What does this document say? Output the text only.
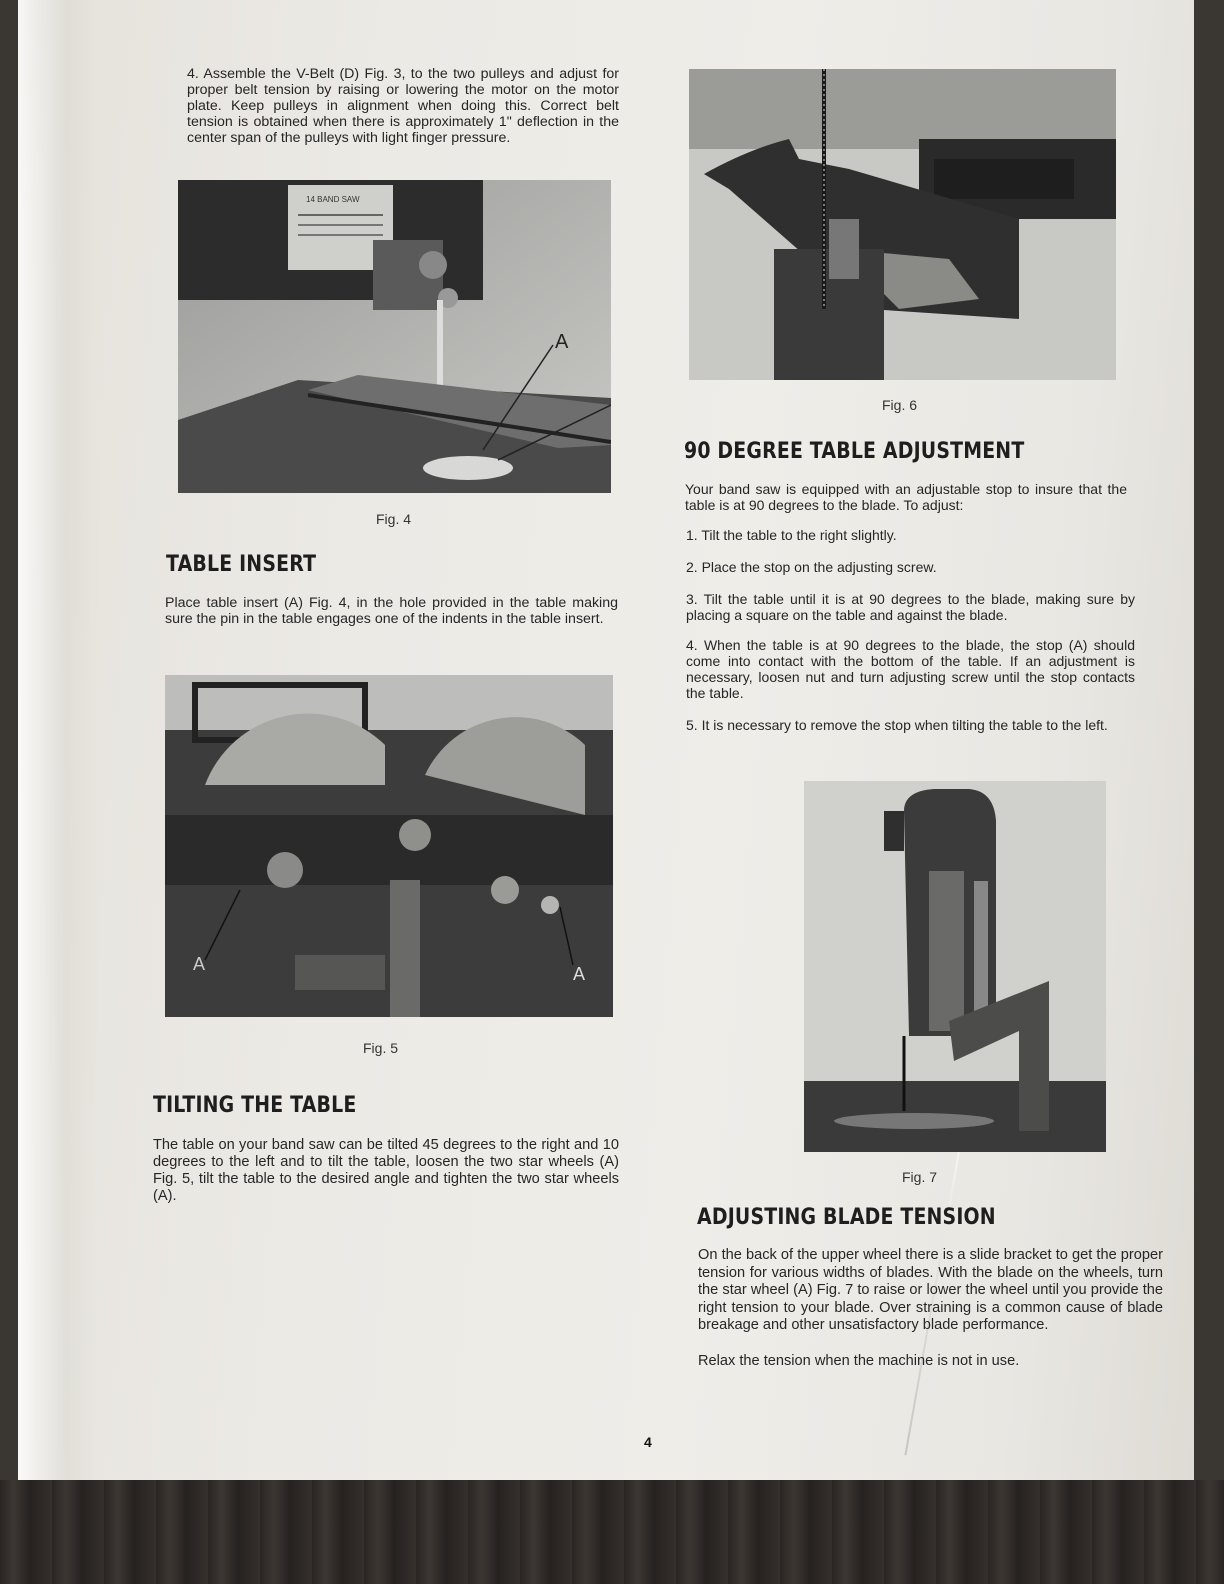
4. Assemble the V-Belt (D) Fig. 3, to the two pulleys and adjust for proper belt tension by raising or lowering the motor on the motor plate. Keep pulleys in alignment when doing this. Correct belt tension is obtained when there is approximately 1" deflection in the center span of the pulleys with light finger pressure.

14 BAND SAW
A
Fig. 4
TABLE INSERT

Place table insert (A) Fig. 4, in the hole provided in the table making sure the pin in the table engages one of the indents in the table insert.

A	A
Fig. 5
TILTING THE TABLE

The table on your band saw can be tilted 45 degrees to the right and 10 degrees to the left and to tilt the table, loosen the two star wheels (A) Fig. 5, tilt the table to the desired angle and tighten the two star wheels (A).

Fig. 6
90 DEGREE TABLE ADJUSTMENT

Your band saw is equipped with an adjustable stop to insure that the table is at 90 degrees to the blade. To adjust:

1. Tilt the table to the right slightly.
2. Place the stop on the adjusting screw.
3. Tilt the table until it is at 90 degrees to the blade, making sure by placing a square on the table and against the blade.
4. When the table is at 90 degrees to the blade, the stop (A) should come into contact with the bottom of the table. If an adjustment is necessary, loosen nut and turn adjusting screw until the stop contacts the table.
5. It is necessary to remove the stop when tilting the table to the left.
Fig. 7
ADJUSTING BLADE TENSION

On the back of the upper wheel there is a slide bracket to get the proper tension for various widths of blades. With the blade on the wheels, turn the star wheel (A) Fig. 7 to raise or lower the wheel until you provide the right tension to your blade. Over straining is a common cause of blade breakage and other unsatisfactory blade performance.

Relax the tension when the machine is not in use.

4
